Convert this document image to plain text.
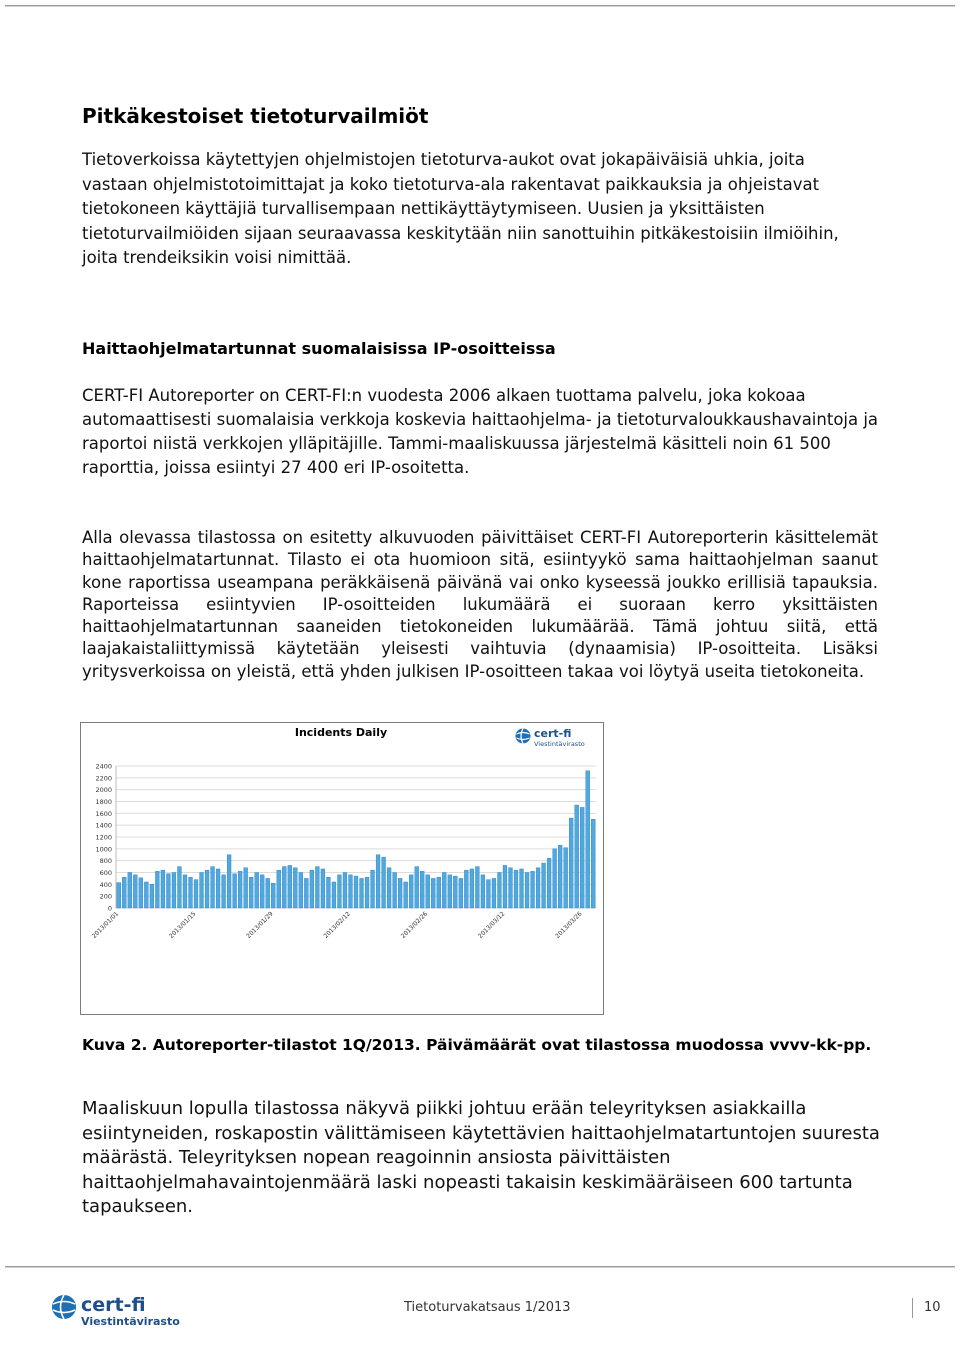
Pitkäkestoiset tietoturvailmiöt

Tietoverkoissa käytettyjen ohjelmistojen tietoturva-aukot ovat jokapäiväisiä uhkia, joita vastaan ohjelmistotoimittajat ja koko tietoturva-ala rakentavat paikkauksia ja ohjeistavat tietokoneen käyttäjiä turvallisempaan nettikäyttäytymiseen. Uusien ja yksittäisten tietoturvailmiöiden sijaan seuraavassa keskitytään niin sanottuihin pitkäkestoisiin ilmiöihin, joita trendeiksikin voisi nimittää.

Haittaohjelmatartunnat suomalaisissa IP-osoitteissa

CERT-FI Autoreporter on CERT-FI:n vuodesta 2006 alkaen tuottama palvelu, joka kokoaa automaattisesti suomalaisia verkkoja koskevia haittaohjelma- ja tietoturvaloukkaushavaintoja ja raportoi niistä verkkojen ylläpitäjille. Tammi-maaliskuussa järjestelmä käsitteli noin 61 500 raporttia, joissa esiintyi 27 400 eri IP-osoitetta.

Alla olevassa tilastossa on esitetty alkuvuoden päivittäiset CERT-FI Autoreporterin käsittelemät haittaohjelmatartunnat. Tilasto ei ota huomioon sitä, esiintyykö sama haittaohjelman saanut kone raportissa useampana peräkkäisenä päivänä vai onko kyseessä joukko erillisiä tapauksia. Raporteissa esiintyvien IP-osoitteiden lukumäärä ei suoraan kerro yksittäisten haittaohjelmatartunnan saaneiden tietokoneiden lukumäärää. Tämä johtuu siitä, että laajakaistaliittymissä käytetään yleisesti vaihtuvia (dynaamisia) IP-osoitteita. Lisäksi yritysverkoissa on yleistä, että yhden julkisen IP-osoitteen takaa voi löytyä useita tietokoneita.

Incidents Daily	cert-fi
Viestintävirasto
0
200
400
600
800
1000
1200
1400
1600
1800
2000
2200
2400
2013/01/01	2013/01/15	2013/01/29	2013/02/12	2013/02/26	2013/03/12	2013/03/26

Kuva 2. Autoreporter-tilastot 1Q/2013. Päivämäärät ovat tilastossa muodossa vvvv-kk-pp.

Maaliskuun lopulla tilastossa näkyvä piikki johtuu erään teleyrityksen asiakkailla esiintyneiden, roskapostin välittämiseen käytettävien haittaohjelmatartuntojen suuresta määrästä. Teleyrityksen nopean reagoinnin ansiosta päivittäisten haittaohjelmahavaintojenmäärä laski nopeasti takaisin keskimääräiseen 600 tartunta tapaukseen.

cert-fi
Viestintävirasto
Tietoturvakatsaus 1/2013	10
